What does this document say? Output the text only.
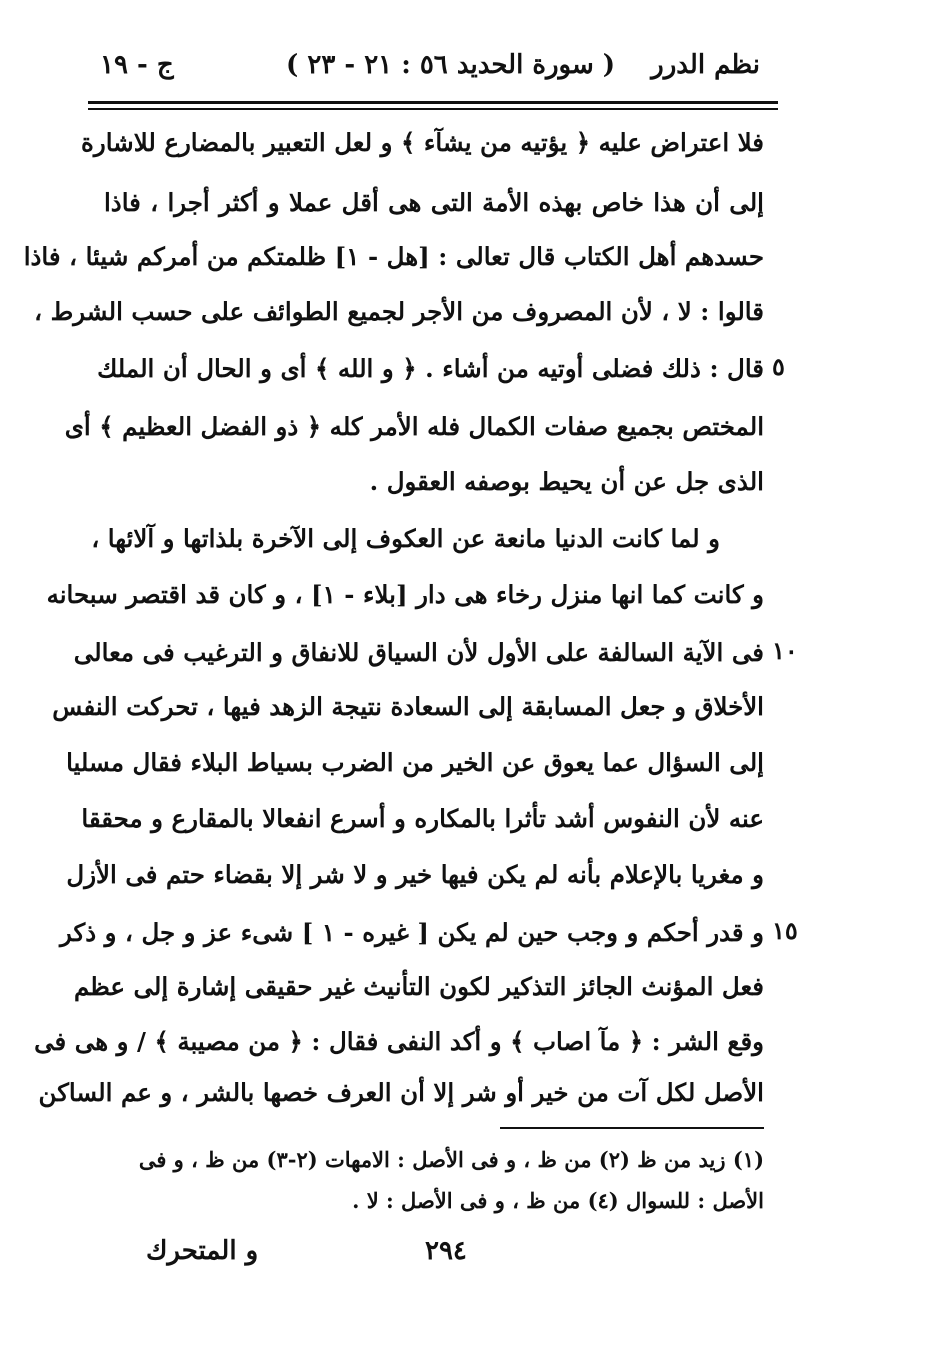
نظم الدرر
( سورة الحديد ٥٦ : ٢١ - ٢٣ )
ج - ١٩
فلا اعتراض عليه ﴿ يؤتيه من يشآء ﴾ و لعل التعبير بالمضارع للاشارة
إلى أن هذا خاص بهذه الأمة التى هى أقل عملا و أكثر أجرا ، فاذا
حسدهم أهل الكتاب قال تعالى : [هل - ١] ظلمتكم من أمركم شيئا ، فاذا
قالوا : لا ، لأن المصروف من الأجر لجميع الطوائف على حسب الشرط ،
قال : ذلك فضلى أوتيه من أشاء . ﴿ و الله ﴾ أى و الحال أن الملك
المختص بجميع صفات الكمال فله الأمر كله ﴿ ذو الفضل العظيم ﴾ أى
الذى جل عن أن يحيط بوصفه العقول .
و لما كانت الدنيا مانعة عن العكوف إلى الآخرة بلذاتها و آلائها ،
و كانت كما انها منزل رخاء هى دار [بلاء - ١] ، و كان قد اقتصر سبحانه
فى الآية السالفة على الأول لأن السياق للانفاق و الترغيب فى معالى
الأخلاق و جعل المسابقة إلى السعادة نتيجة الزهد فيها ، تحركت النفس
إلى السؤال عما يعوق عن الخير من الضرب بسياط البلاء فقال مسليا
عنه لأن النفوس أشد تأثرا بالمكاره و أسرع انفعالا بالمقارع و محققا
و مغريا بالإعلام بأنه لم يكن فيها خير و لا شر إلا بقضاء حتم فى الأزل
و قدر أحكم و وجب حين لم يكن [ غيره - ١ ] شىء عز و جل ، و ذكر
فعل المؤنث الجائز التذكير لكون التأنيث غير حقيقى إشارة إلى عظم
وقع الشر : ﴿ مآ اصاب ﴾ و أكد النفى فقال : ﴿ من مصيبة ﴾ / و هى فى
الأصل لكل آت من خير أو شر إلا أن العرف خصها بالشر ، و عم الساكن
٥
١٠
١٥
(١) زيد من ظ (٢) من ظ ، و فى الأصل : الامهات (٢-٣) من ظ ، و فى
الأصل : للسوال (٤) من ظ ، و فى الأصل : لا .
٢٩٤
و المتحرك
